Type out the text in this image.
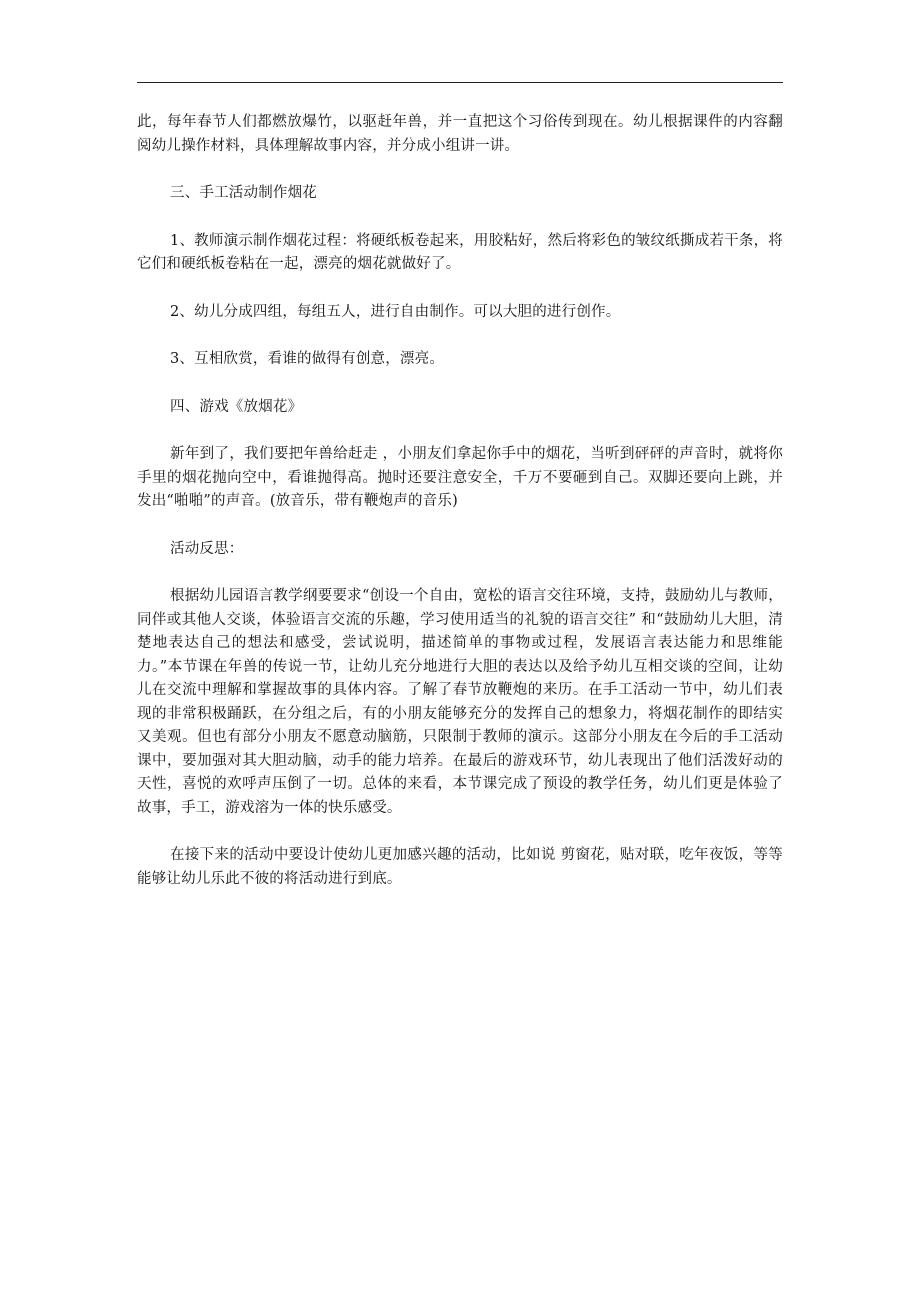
此，每年春节人们都燃放爆竹，以驱赶年兽，并一直把这个习俗传到现在。幼儿根据课件的内容翻阅幼儿操作材料，具体理解故事内容，并分成小组讲一讲。

三、手工活动制作烟花

1、教师演示制作烟花过程：将硬纸板卷起来，用胶粘好，然后将彩色的皱纹纸撕成若干条，将它们和硬纸板卷粘在一起，漂亮的烟花就做好了。

2、幼儿分成四组，每组五人，进行自由制作。可以大胆的进行创作。

3、互相欣赏，看谁的做得有创意，漂亮。

四、游戏《放烟花》

新年到了，我们要把年兽给赶走 ，小朋友们拿起你手中的烟花，当听到砰砰的声音时，就将你手里的烟花抛向空中，看谁抛得高。抛时还要注意安全，千万不要砸到自己。双脚还要向上跳，并发出“啪啪”的声音。(放音乐，带有鞭炮声的音乐)

活动反思：

根据幼儿园语言教学纲要要求“创设一个自由，宽松的语言交往环境，支持，鼓励幼儿与教师，同伴或其他人交谈，体验语言交流的乐趣，学习使用适当的礼貌的语言交往” 和“鼓励幼儿大胆，清楚地表达自己的想法和感受，尝试说明，描述简单的事物或过程，发展语言表达能力和思维能力。”本节课在年兽的传说一节，让幼儿充分地进行大胆的表达以及给予幼儿互相交谈的空间，让幼儿在交流中理解和掌握故事的具体内容。了解了春节放鞭炮的来历。在手工活动一节中，幼儿们表现的非常积极踊跃，在分组之后，有的小朋友能够充分的发挥自己的想象力，将烟花制作的即结实又美观。但也有部分小朋友不愿意动脑筋，只限制于教师的演示。这部分小朋友在今后的手工活动课中，要加强对其大胆动脑，动手的能力培养。在最后的游戏环节，幼儿表现出了他们活泼好动的天性，喜悦的欢呼声压倒了一切。总体的来看，本节课完成了预设的教学任务，幼儿们更是体验了故事，手工，游戏溶为一体的快乐感受。

在接下来的活动中要设计使幼儿更加感兴趣的活动，比如说 剪窗花，贴对联，吃年夜饭，等等能够让幼儿乐此不彼的将活动进行到底。
